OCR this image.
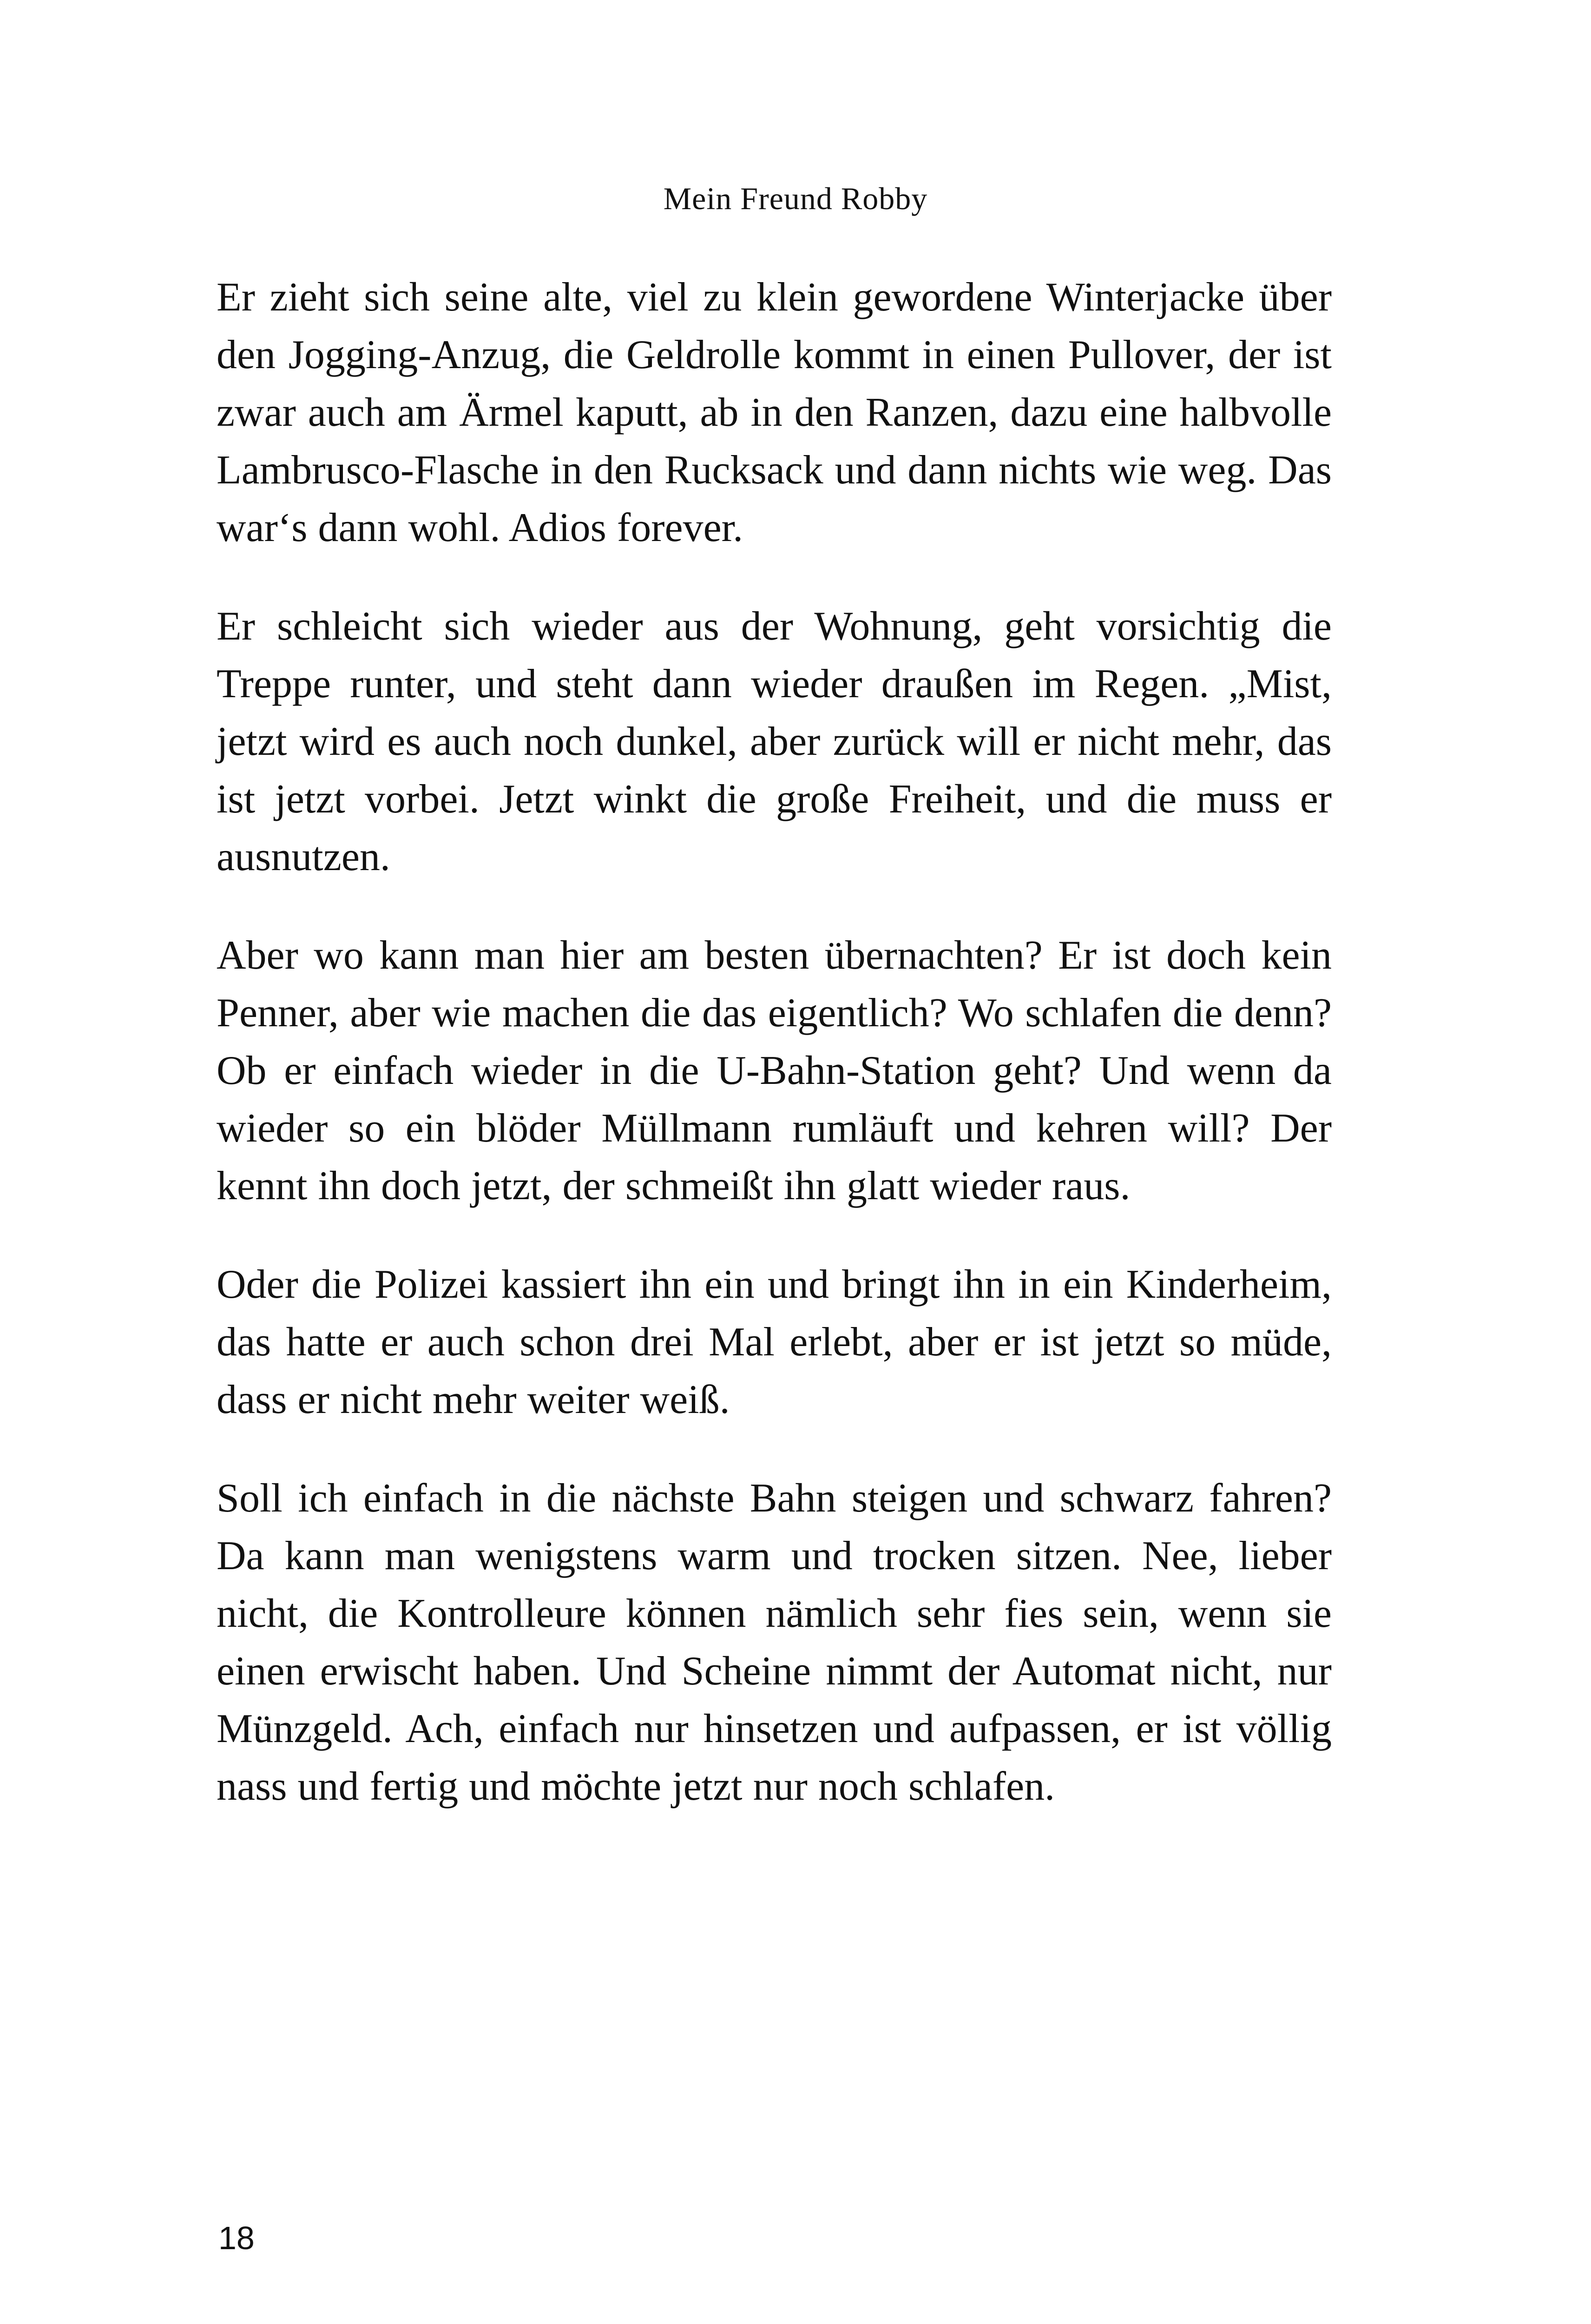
Mein Freund Robby

Er zieht sich seine alte, viel zu klein gewordene Winterjacke über den Jogging-Anzug, die Geldrolle kommt in einen Pullover, der ist zwar auch am Ärmel kaputt, ab in den Ranzen, dazu eine halbvolle Lambrusco-Flasche in den Rucksack und dann nichts wie weg. Das war‘s dann wohl. Adios forever.

Er schleicht sich wieder aus der Wohnung, geht vorsichtig die Treppe runter, und steht dann wieder draußen im Regen. „Mist, jetzt wird es auch noch dunkel, aber zurück will er nicht mehr, das ist jetzt vorbei. Jetzt winkt die große Freiheit, und die muss er ausnutzen.

Aber wo kann man hier am besten übernachten? Er ist doch kein Penner, aber wie machen die das eigentlich? Wo schlafen die denn? Ob er einfach wieder in die U-Bahn-Station geht? Und wenn da wieder so ein blöder Müllmann rumläuft und kehren will? Der kennt ihn doch jetzt, der schmeißt ihn glatt wieder raus.

Oder die Polizei kassiert ihn ein und bringt ihn in ein Kinderheim, das hatte er auch schon drei Mal erlebt, aber er ist jetzt so müde, dass er nicht mehr weiter weiß.

Soll ich einfach in die nächste Bahn steigen und schwarz fahren? Da kann man wenigstens warm und trocken sitzen. Nee, lieber nicht, die Kontrolleure können nämlich sehr fies sein, wenn sie einen erwischt haben. Und Scheine nimmt der Automat nicht, nur Münzgeld. Ach, einfach nur hinsetzen und aufpassen, er ist völlig nass und fertig und möchte jetzt nur noch schlafen.

18
